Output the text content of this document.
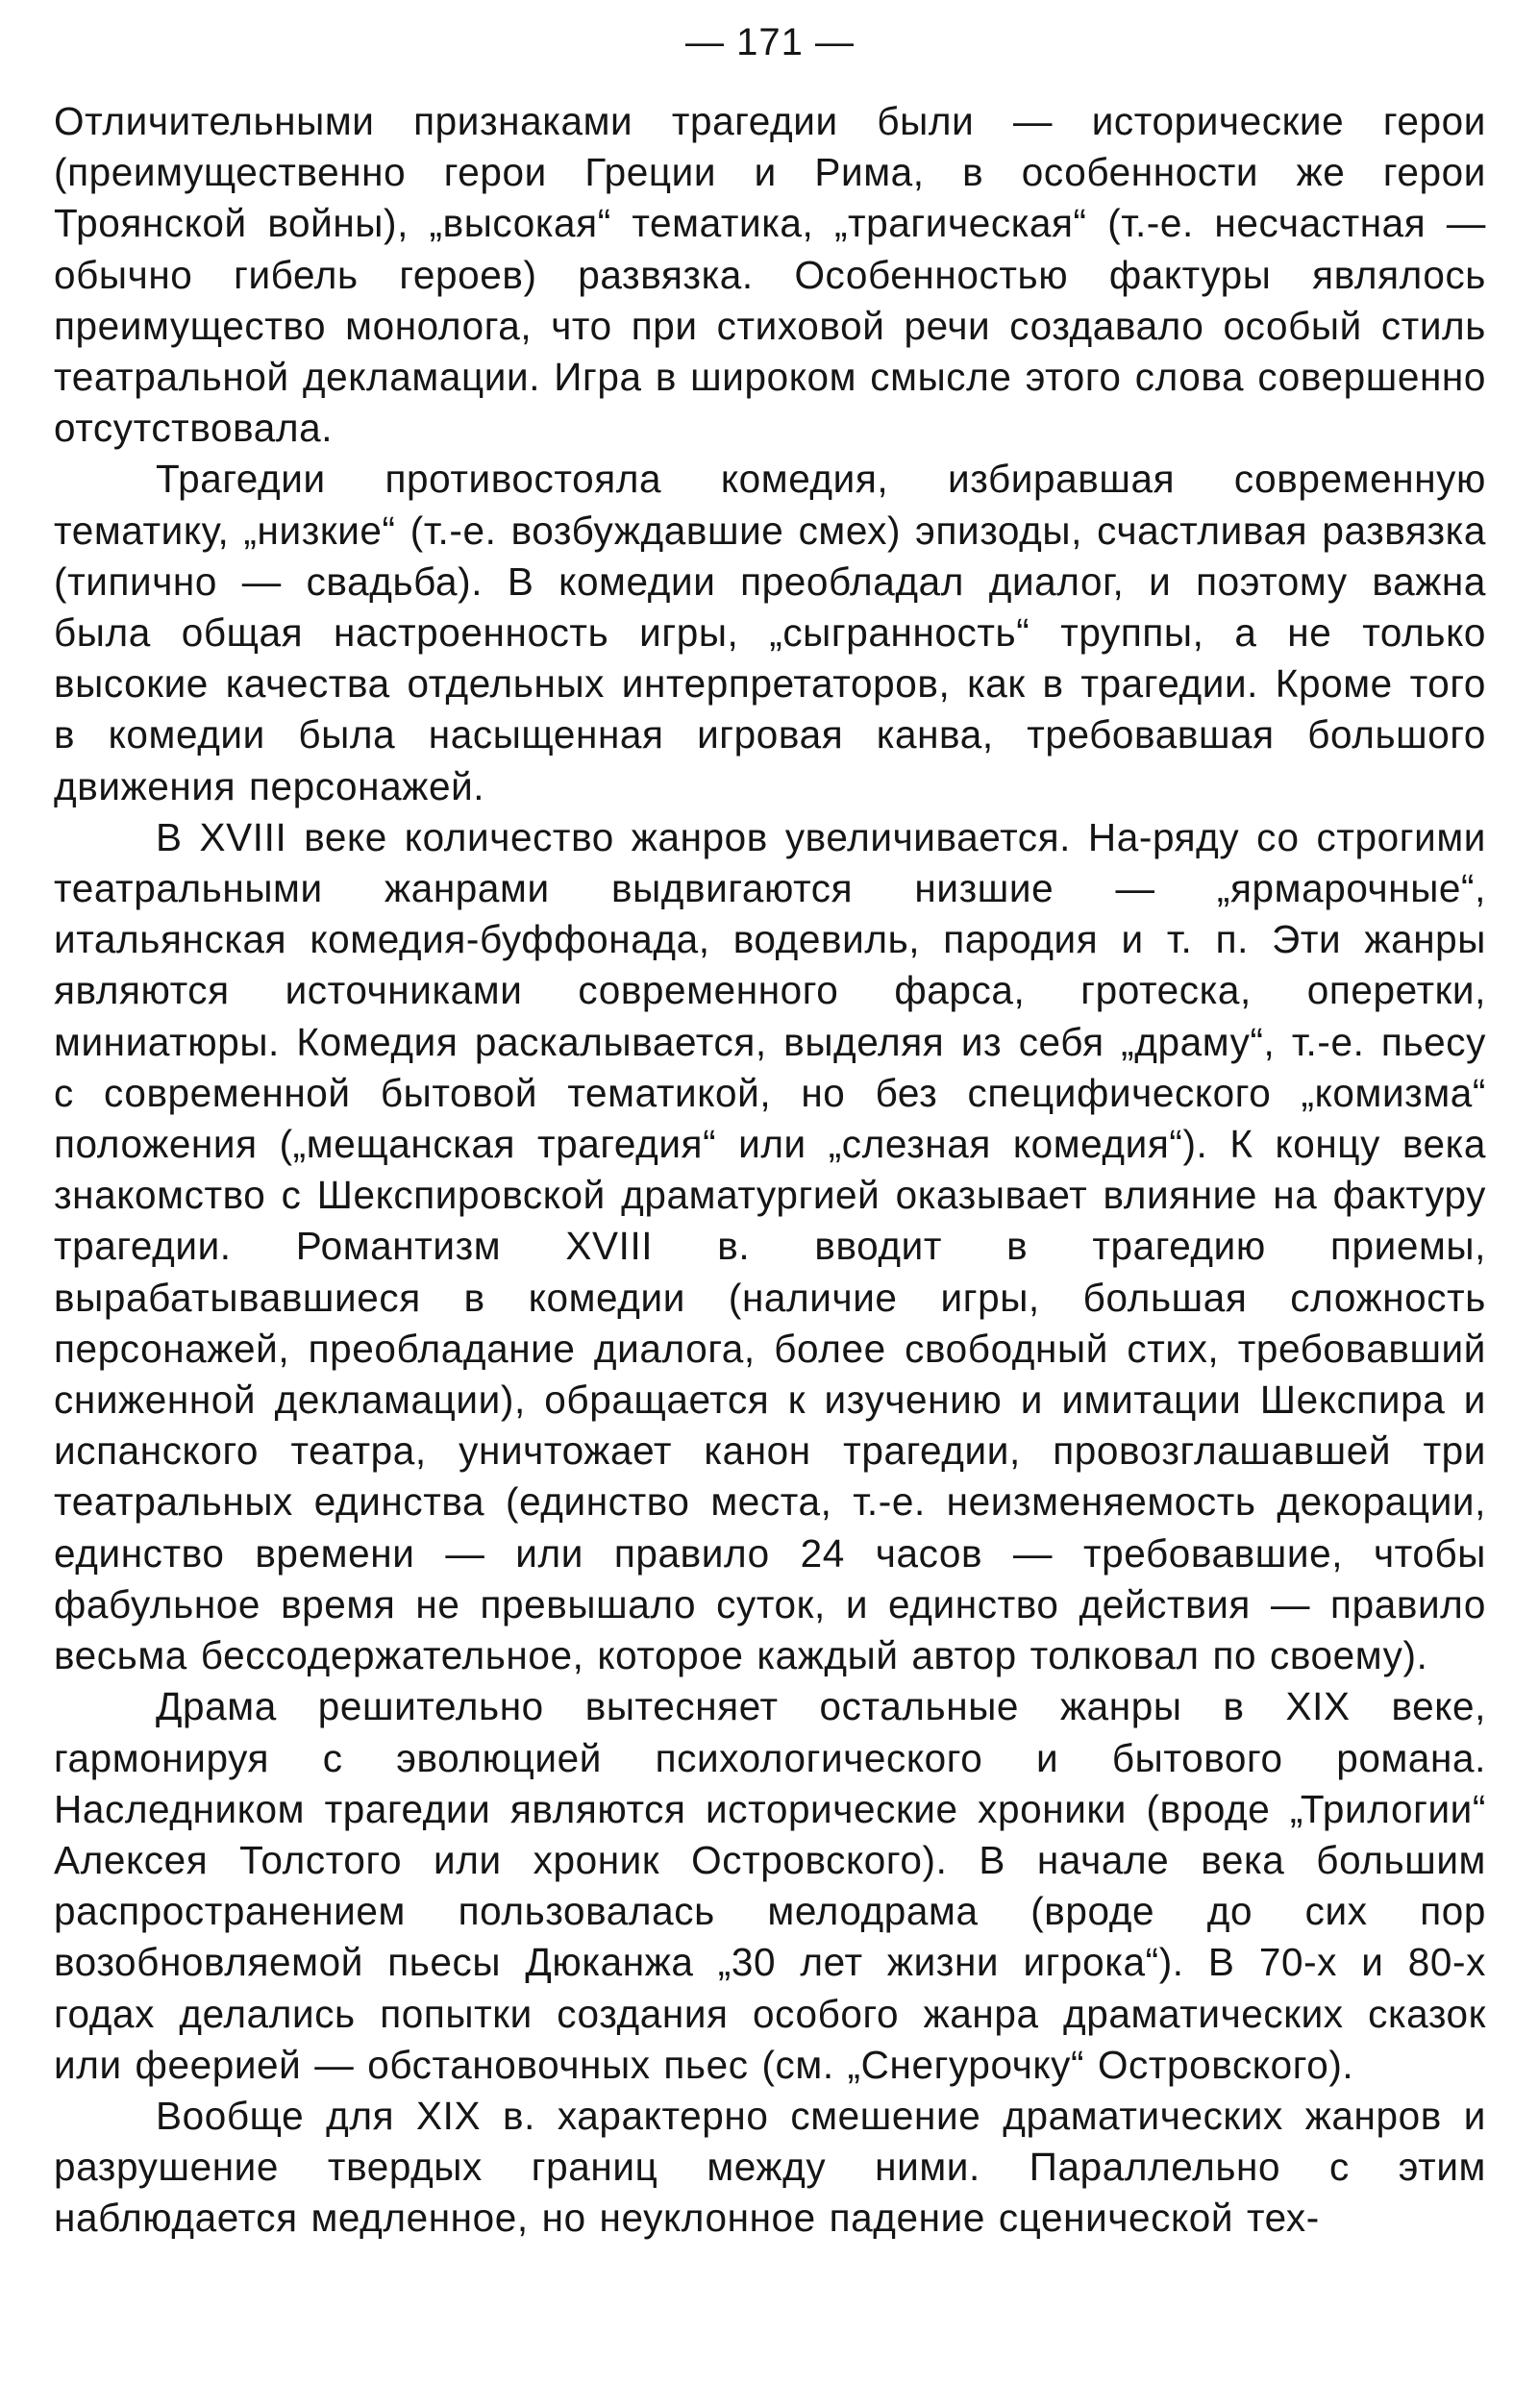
— 171 —

Отличительными признаками трагедии были — исторические герои (преимущественно герои Греции и Рима, в особенности же герои Троянской войны), „высокая“ тематика, „трагическая“ (т.-е. несчастная — обычно гибель героев) развязка. Особенностью фактуры являлось преимущество монолога, что при стиховой речи создавало особый стиль театральной декламации. Игра в широком смысле этого слова совершенно отсутствовала.

Трагедии противостояла комедия, избиравшая современную тематику, „низкие“ (т.-е. возбуждавшие смех) эпизоды, счастливая развязка (типично — свадьба). В комедии преобладал диалог, и поэтому важна была общая настроенность игры, „сыгранность“ труппы, а не только высокие качества отдельных интерпретаторов, как в трагедии. Кроме того в комедии была насыщенная игровая канва, требовавшая большого движения персонажей.

В XVIII веке количество жанров увеличивается. На-ряду со строгими театральными жанрами выдвигаются низшие — „ярмарочные“, итальянская комедия-буффонада, водевиль, пародия и т. п. Эти жанры являются источниками современного фарса, гротеска, оперетки, миниатюры. Комедия раскалывается, выделяя из себя „драму“, т.-е. пьесу с современной бытовой тематикой, но без специфического „комизма“ положения („мещанская трагедия“ или „слезная комедия“). К концу века знакомство с Шекспировской драматургией оказывает влияние на фактуру трагедии. Романтизм XVIII в. вводит в трагедию приемы, вырабатывавшиеся в комедии (наличие игры, большая сложность персонажей, преобладание диалога, более свободный стих, требовавший сниженной декламации), обращается к изучению и имитации Шекспира и испанского театра, уничтожает канон трагедии, провозглашавшей три театральных единства (единство места, т.-е. неизменяемость декорации, единство времени — или правило 24 часов — требовавшие, чтобы фабульное время не превышало суток, и единство действия — правило весьма бессодержательное, которое каждый автор толковал по своему).

Драма решительно вытесняет остальные жанры в XIX веке, гармонируя с эволюцией психологического и бытового романа. Наследником трагедии являются исторические хроники (вроде „Трилогии“ Алексея Толстого или хроник Островского). В начале века большим распространением пользовалась мелодрама (вроде до сих пор возобновляемой пьесы Дюканжа „30 лет жизни игрока“). В 70-х и 80-х годах делались попытки создания особого жанра драматических сказок или феерией — обстановочных пьес (см. „Снегурочку“ Островского).

Вообще для XIX в. характерно смешение драматических жанров и разрушение твердых границ между ними. Параллельно с этим наблюдается медленное, но неуклонное падение сценической тех-
